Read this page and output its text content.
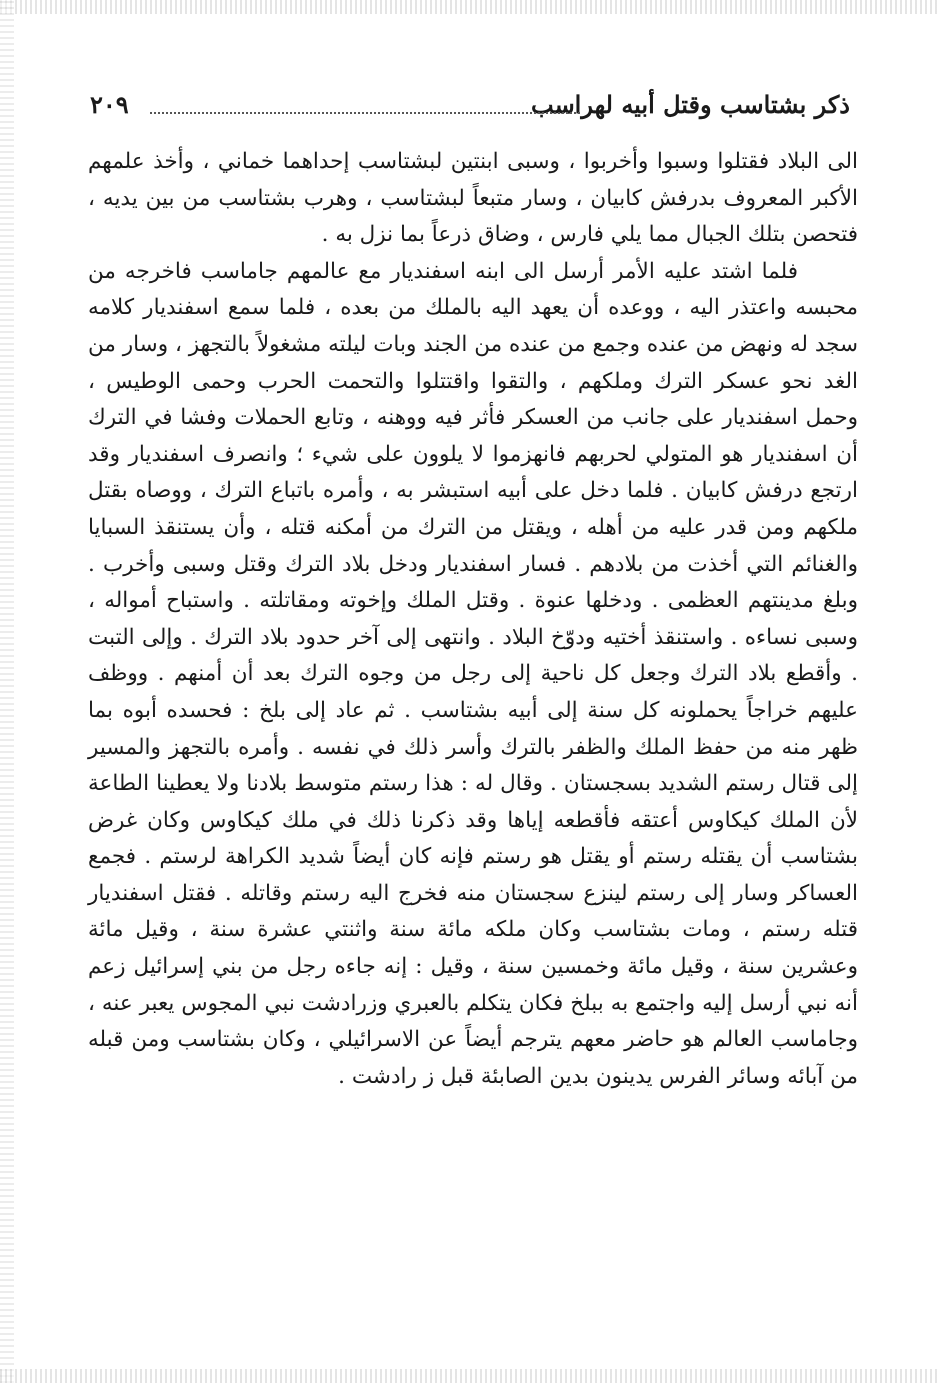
ذكر بشتاسب وقتل أبيه لهراسب
٢٠٩

الى البلاد فقتلوا وسبوا وأخربوا ، وسبى ابنتين لبشتاسب إحداهما خماني ، وأخذ علمهم الأكبر المعروف بدرفش كابيان ، وسار متبعاً لبشتاسب ، وهرب بشتاسب من بين يديه ، فتحصن بتلك الجبال مما يلي فارس ، وضاق ذرعاً بما نزل به .

فلما اشتد عليه الأمر أرسل الى ابنه اسفنديار مع عالمهم جاماسب فاخرجه من محبسه واعتذر اليه ، ووعده أن يعهد اليه بالملك من بعده ، فلما سمع اسفنديار كلامه سجد له ونهض من عنده وجمع من عنده من الجند وبات ليلته مشغولاً بالتجهز ، وسار من الغد نحو عسكر الترك وملكهم ، والتقوا واقتتلوا والتحمت الحرب وحمى الوطيس ، وحمل اسفنديار على جانب من العسكر فأثر فيه ووهنه ، وتابع الحملات وفشا في الترك أن اسفنديار هو المتولي لحربهم فانهزموا لا يلوون على شيء ؛ وانصرف اسفنديار وقد ارتجع درفش كابيان . فلما دخل على أبيه استبشر به ، وأمره باتباع الترك ، ووصاه بقتل ملكهم ومن قدر عليه من أهله ، ويقتل من الترك من أمكنه قتله ، وأن يستنقذ السبايا والغنائم التي أخذت من بلادهم . فسار اسفنديار ودخل بلاد الترك وقتل وسبى وأخرب . وبلغ مدينتهم العظمى . ودخلها عنوة . وقتل الملك وإخوته ومقاتلته . واستباح أمواله ، وسبى نساءه . واستنقذ أختيه ودوّخ البلاد . وانتهى إلى آخر حدود بلاد الترك . وإلى التبت . وأقطع بلاد الترك وجعل كل ناحية إلى رجل من وجوه الترك بعد أن أمنهم . ووظف عليهم خراجاً يحملونه كل سنة إلى أبيه بشتاسب . ثم عاد إلى بلخ : فحسده أبوه بما ظهر منه من حفظ الملك والظفر بالترك وأسر ذلك في نفسه . وأمره بالتجهز والمسير إلى قتال رستم الشديد بسجستان . وقال له : هذا رستم متوسط بلادنا ولا يعطينا الطاعة لأن الملك كيكاوس أعتقه فأقطعه إياها وقد ذكرنا ذلك في ملك كيكاوس وكان غرض بشتاسب أن يقتله رستم أو يقتل هو رستم فإنه كان أيضاً شديد الكراهة لرستم . فجمع العساكر وسار إلى رستم لينزع سجستان منه فخرج اليه رستم وقاتله . فقتل اسفنديار قتله رستم ، ومات بشتاسب وكان ملكه مائة سنة واثنتي عشرة سنة ، وقيل مائة وعشرين سنة ، وقيل مائة وخمسين سنة ، وقيل : إنه جاءه رجل من بني إسرائيل زعم أنه نبي أرسل إليه واجتمع به ببلخ فكان يتكلم بالعبري وزرادشت نبي المجوس يعبر عنه ، وجاماسب العالم هو حاضر معهم يترجم أيضاً عن الاسرائيلي ، وكان بشتاسب ومن قبله من آبائه وسائر الفرس يدينون بدين الصابئة قبل ز رادشت .
